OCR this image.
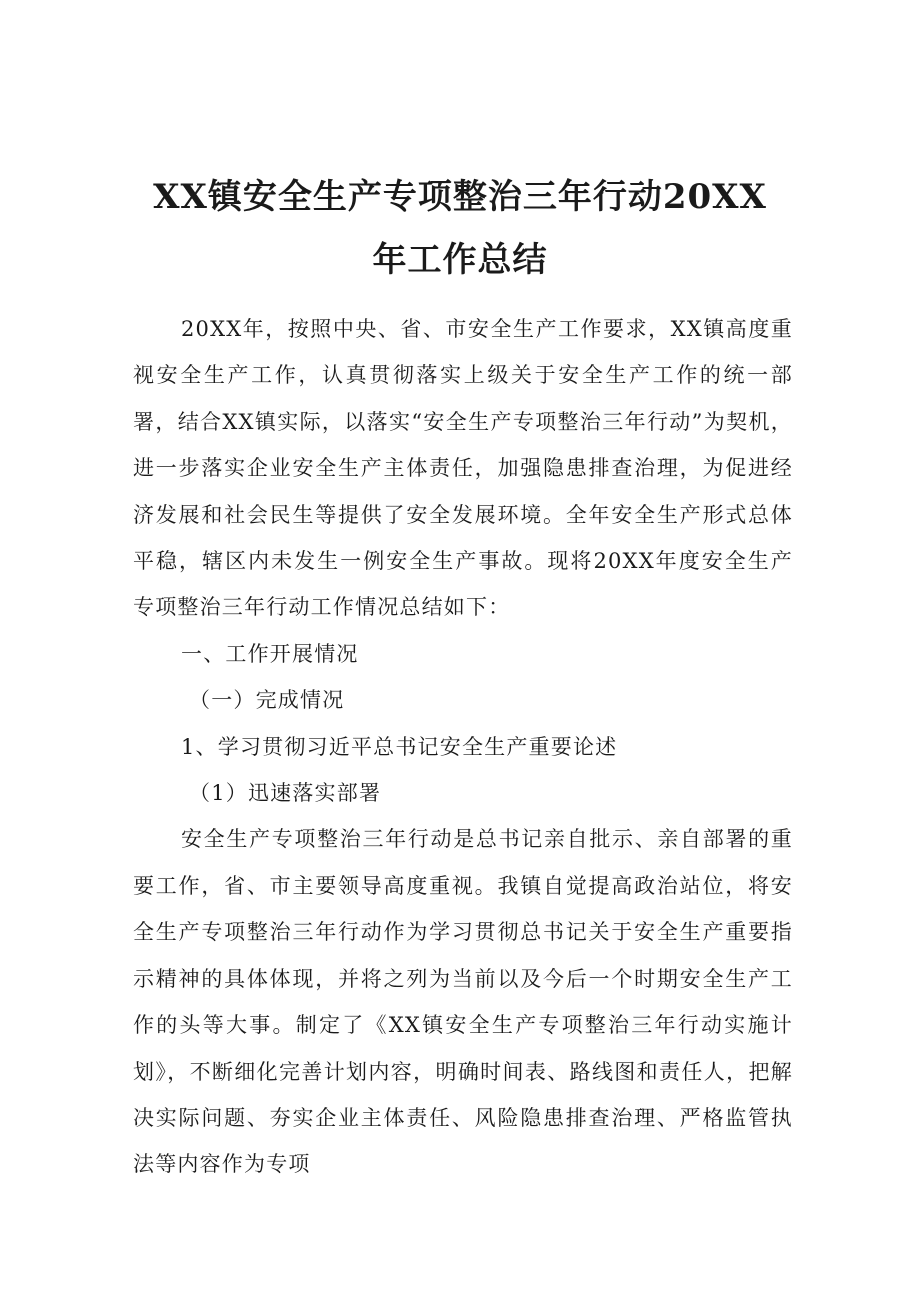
XX镇安全生产专项整治三年行动20XX
年工作总结

20XX年，按照中央、省、市安全生产工作要求，XX镇高度重视安全生产工作，认真贯彻落实上级关于安全生产工作的统一部署，结合XX镇实际，以落实“安全生产专项整治三年行动”为契机，进一步落实企业安全生产主体责任，加强隐患排查治理，为促进经济发展和社会民生等提供了安全发展环境。全年安全生产形式总体平稳，辖区内未发生一例安全生产事故。现将20XX年度安全生产专项整治三年行动工作情况总结如下：

一、工作开展情况

（一）完成情况

1、学习贯彻习近平总书记安全生产重要论述

（1）迅速落实部署

安全生产专项整治三年行动是总书记亲自批示、亲自部署的重要工作，省、市主要领导高度重视。我镇自觉提高政治站位，将安全生产专项整治三年行动作为学习贯彻总书记关于安全生产重要指示精神的具体体现，并将之列为当前以及今后一个时期安全生产工作的头等大事。制定了《XX镇安全生产专项整治三年行动实施计划》，不断细化完善计划内容，明确时间表、路线图和责任人，把解决实际问题、夯实企业主体责任、风险隐患排查治理、严格监管执法等内容作为专项
